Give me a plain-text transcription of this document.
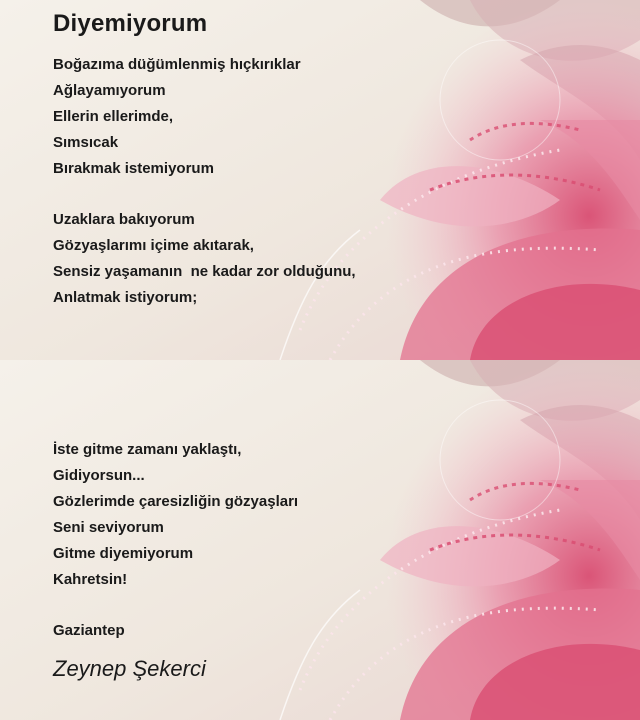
Diyemiyorum
Boğazıma düğümlenmiş hıçkırıklar
Ağlayamıyorum
Ellerin ellerimde,
Sımsıcak
Bırakmak istemiyorum
Uzaklara bakıyorum
Gözyaşlarımı içime akıtarak,
Sensiz yaşamanın  ne kadar zor olduğunu,
Anlatmak istiyorum;
İste gitme zamanı yaklaştı,
Gidiyorsun...
Gözlerimde çaresizliğin gözyaşları
Seni seviyorum
Gitme diyemiyorum
Kahretsin!
Gaziantep
Zeynep Şekerci
